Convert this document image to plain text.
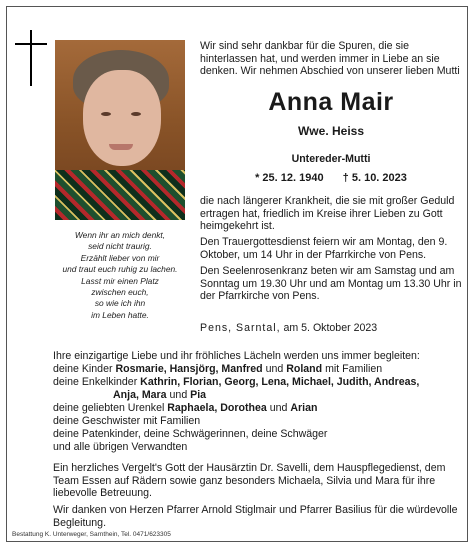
Wenn ihr an mich denkt,
seid nicht traurig.
Erzählt lieber von mir
und traut euch ruhig zu lachen.
Lasst mir einen Platz
zwischen euch,
so wie ich ihn
im Leben hatte.
Wir sind sehr dankbar für die Spuren, die sie hinterlassen hat, und werden immer in Liebe an sie denken. Wir nehmen Abschied von unserer lieben Mutti
Anna Mair
Wwe. Heiss
Untereder-Mutti
* 25. 12. 1940 † 5. 10. 2023
die nach längerer Krankheit, die sie mit großer Geduld ertragen hat, friedlich im Kreise ihrer Lieben zu Gott heimgekehrt ist.
Den Trauergottesdienst feiern wir am Montag, den 9. Oktober, um 14 Uhr in der Pfarrkirche von Pens.
Den Seelenrosenkranz beten wir am Samstag und am Sonntag um 19.30 Uhr und am Montag um 13.30 Uhr in der Pfarrkirche von Pens.
Pens, Sarntal, am 5. Oktober 2023
Ihre einzigartige Liebe und ihr fröhliches Lächeln werden uns immer begleiten:
deine Kinder Rosmarie, Hansjörg, Manfred und Roland mit Familien
deine Enkelkinder Kathrin, Florian, Georg, Lena, Michael, Judith, Andreas,
Anja, Mara und Pia
deine geliebten Urenkel Raphaela, Dorothea und Arian
deine Geschwister mit Familien
Bestattung K. Unterweger, Sarnthein, Tel. 0471/623305
deine Patenkinder, deine Schwägerinnen, deine Schwäger
und alle übrigen Verwandten
Ein herzliches Vergelt's Gott der Hausärztin Dr. Savelli, dem Hauspflegedienst, dem Team Essen auf Rädern sowie ganz besonders Michaela, Silvia und Mara für ihre liebevolle Betreuung.
Wir danken von Herzen Pfarrer Arnold Stiglmair und Pfarrer Basilius für die würdevolle Begleitung.
